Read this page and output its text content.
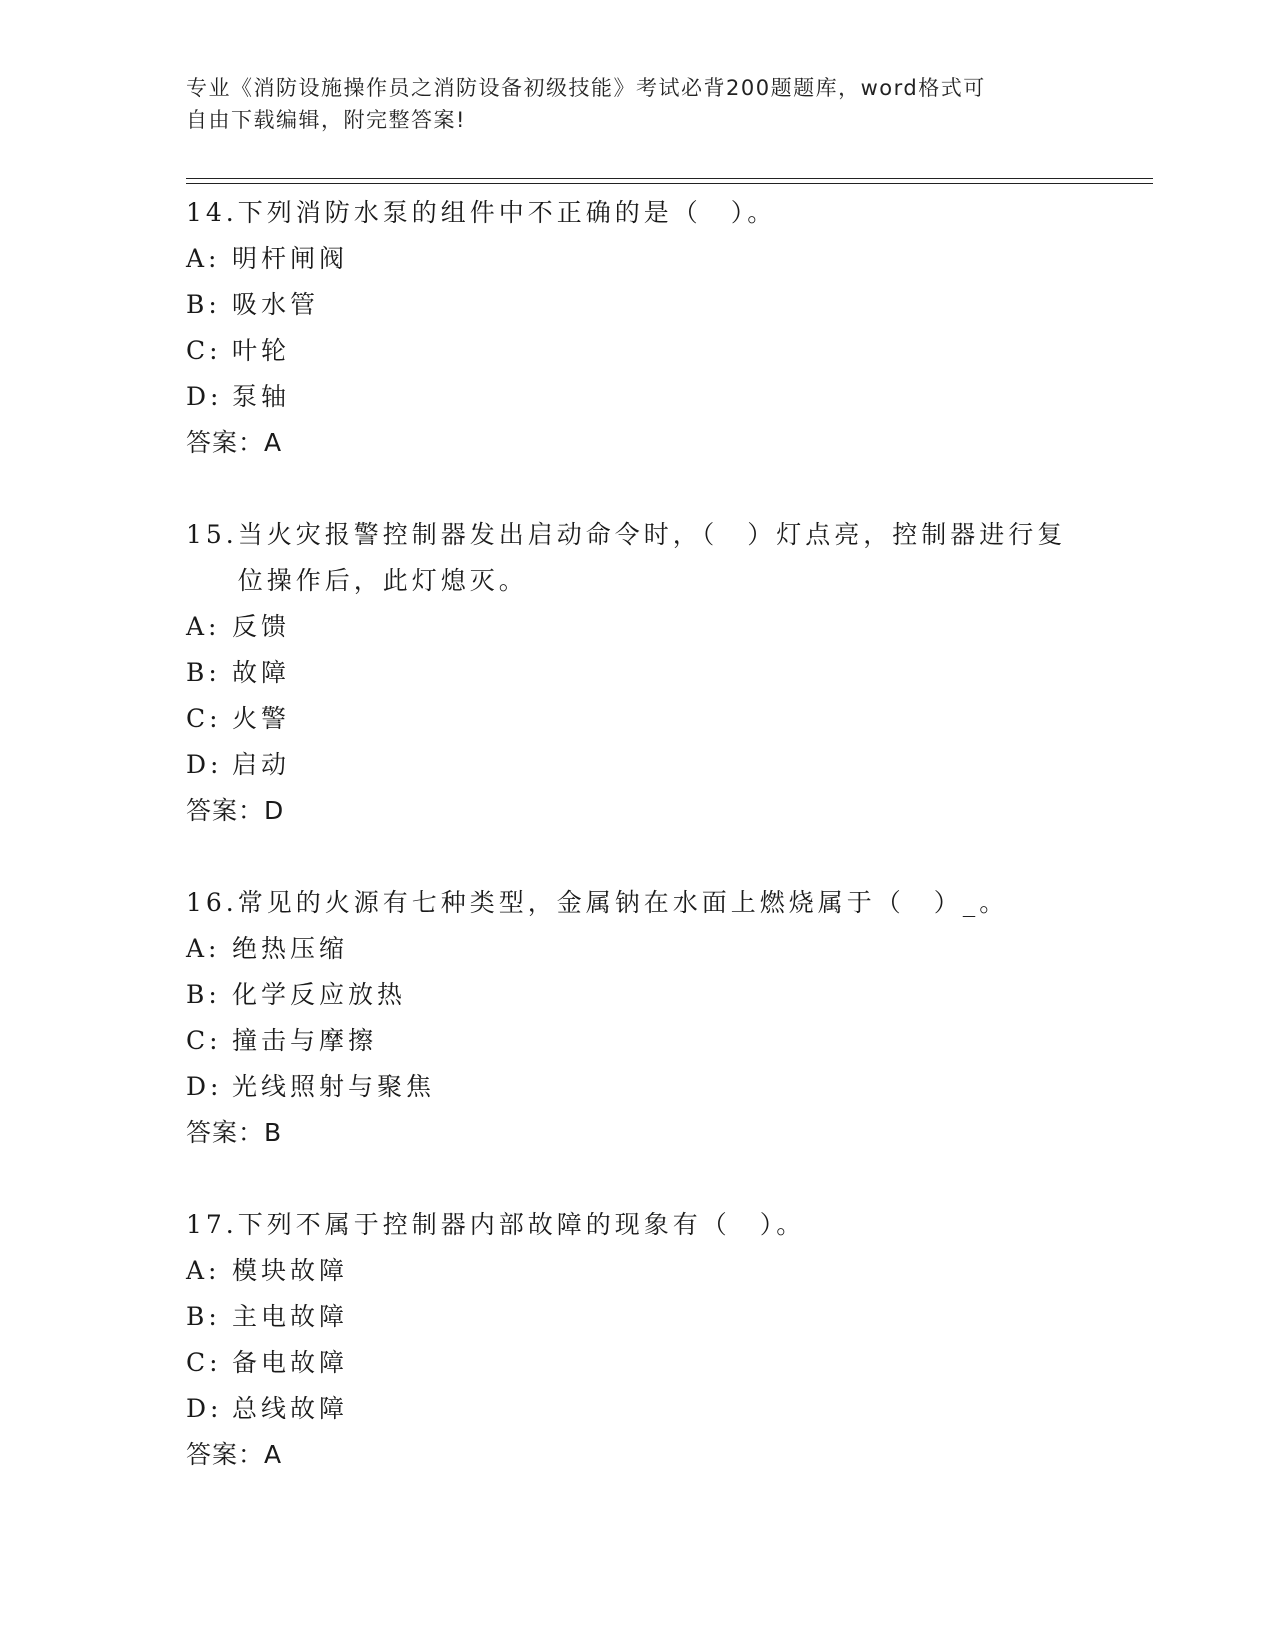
专业《消防设施操作员之消防设备初级技能》考试必背200题题库，word格式可
自由下载编辑，附完整答案!
14. 下列消防水泵的组件中不正确的是（　）。
A: 明杆闸阀
B: 吸水管
C: 叶轮
D: 泵轴
答案：A
15. 当火灾报警控制器发出启动命令时，（　）灯点亮，控制器进行复位操作后，此灯熄灭。
A: 反馈
B: 故障
C: 火警
D: 启动
答案：D
16. 常见的火源有七种类型，金属钠在水面上燃烧属于（　）_。
A: 绝热压缩
B: 化学反应放热
C: 撞击与摩擦
D: 光线照射与聚焦
答案：B
17. 下列不属于控制器内部故障的现象有（　）。
A: 模块故障
B: 主电故障
C: 备电故障
D: 总线故障
答案：A
